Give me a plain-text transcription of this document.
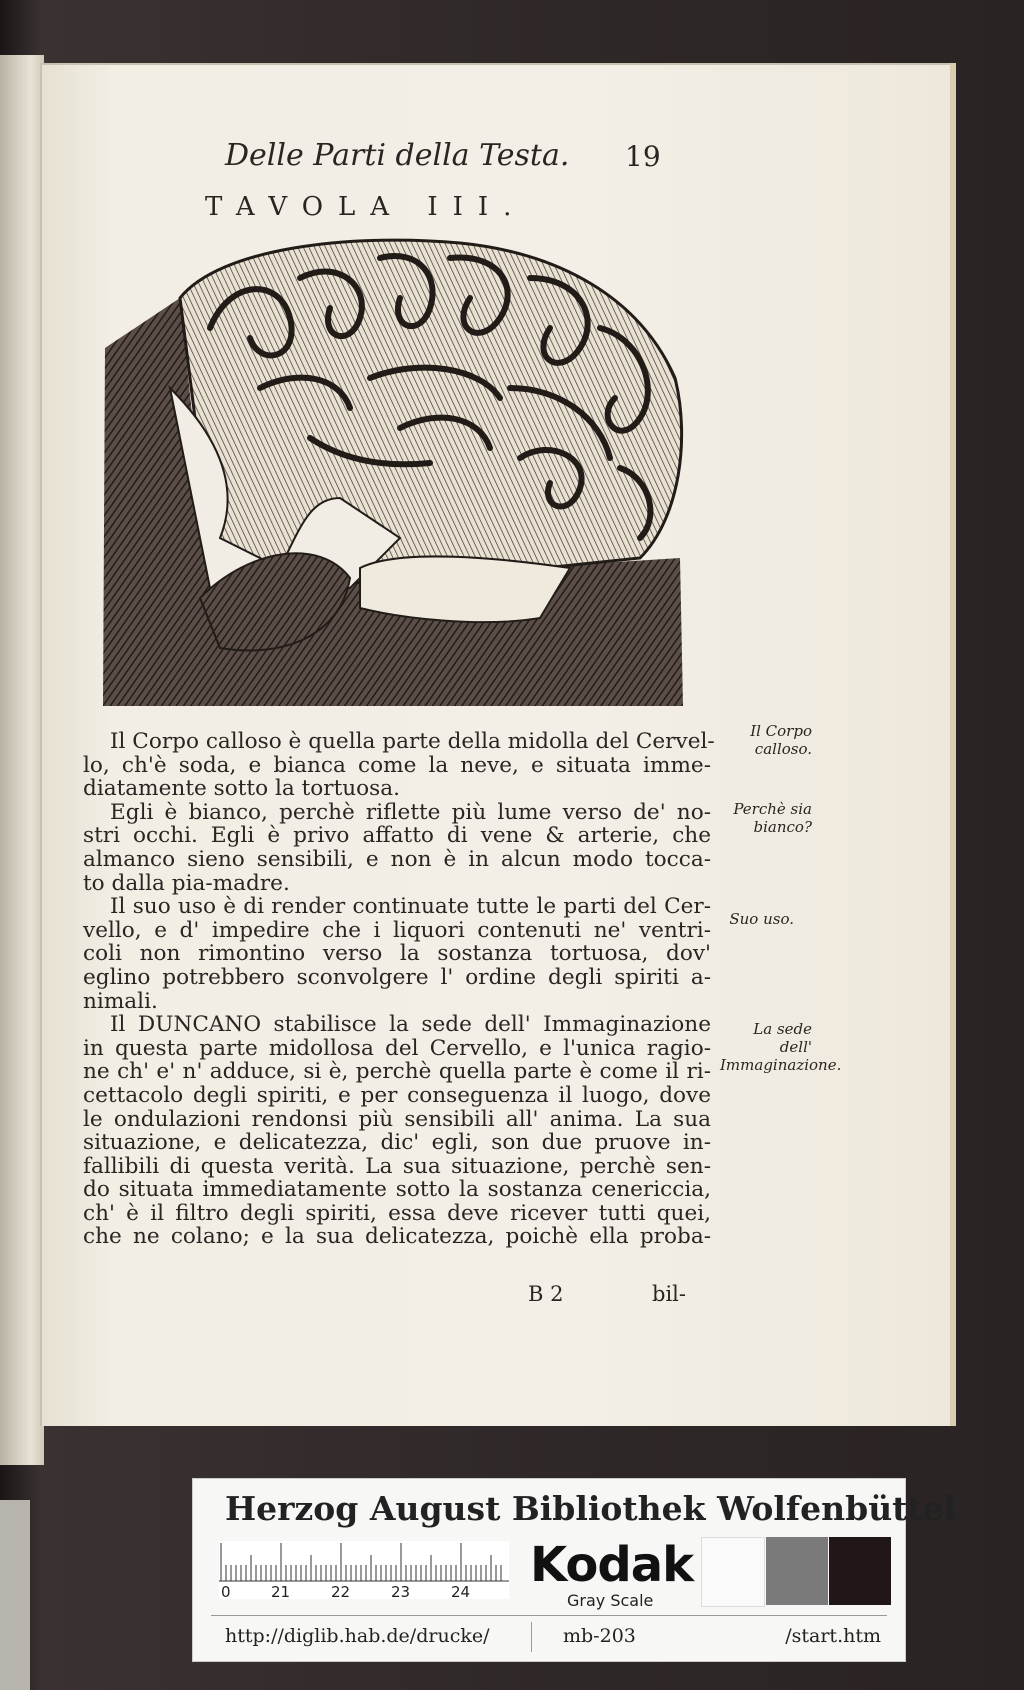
Delle Parti della Testa. 19
TAVOLA III.

Il Corpo calloso è quella parte della midolla del Cervel-
lo, ch'è soda, e bianca come la neve, e situata imme-
diatamente sotto la tortuosa.

Egli è bianco, perchè riflette più lume verso de' no-
stri occhi. Egli è privo affatto di vene & arterie, che
almanco sieno sensibili, e non è in alcun modo tocca-
to dalla pia-madre.

Il suo uso è di render continuate tutte le parti del Cer-
vello, e d' impedire che i liquori contenuti ne' ventri-
coli non rimontino verso la sostanza tortuosa, dov'
eglino potrebbero sconvolgere l' ordine degli spiriti a-
nimali.

Il DUNCANO stabilisce la sede dell' Immaginazione
in questa parte midollosa del Cervello, e l'unica ragio-
ne ch' e' n' adduce, si è, perchè quella parte è come il ri-
cettacolo degli spiriti, e per conseguenza il luogo, dove
le ondulazioni rendonsi più sensibili all' anima. La sua
situazione, e delicatezza, dic' egli, son due pruove in-
fallibili di questa verità. La sua situazione, perchè sen-
do situata immediatamente sotto la sostanza cenericcia,
ch' è il filtro degli spiriti, essa deve ricever tutti quei,
che ne colano; e la sua delicatezza, poichè ella proba-

B 2	bil-
Il Corpo calloso.
Perchè sia bianco?
Suo uso.
La sede dell' Immaginazione.
Herzog August Bibliothek Wolfenbüttel
0	21	22	23	24 Kodak
Gray Scale
http://diglib.hab.de/drucke/	mb-203	/start.htm
